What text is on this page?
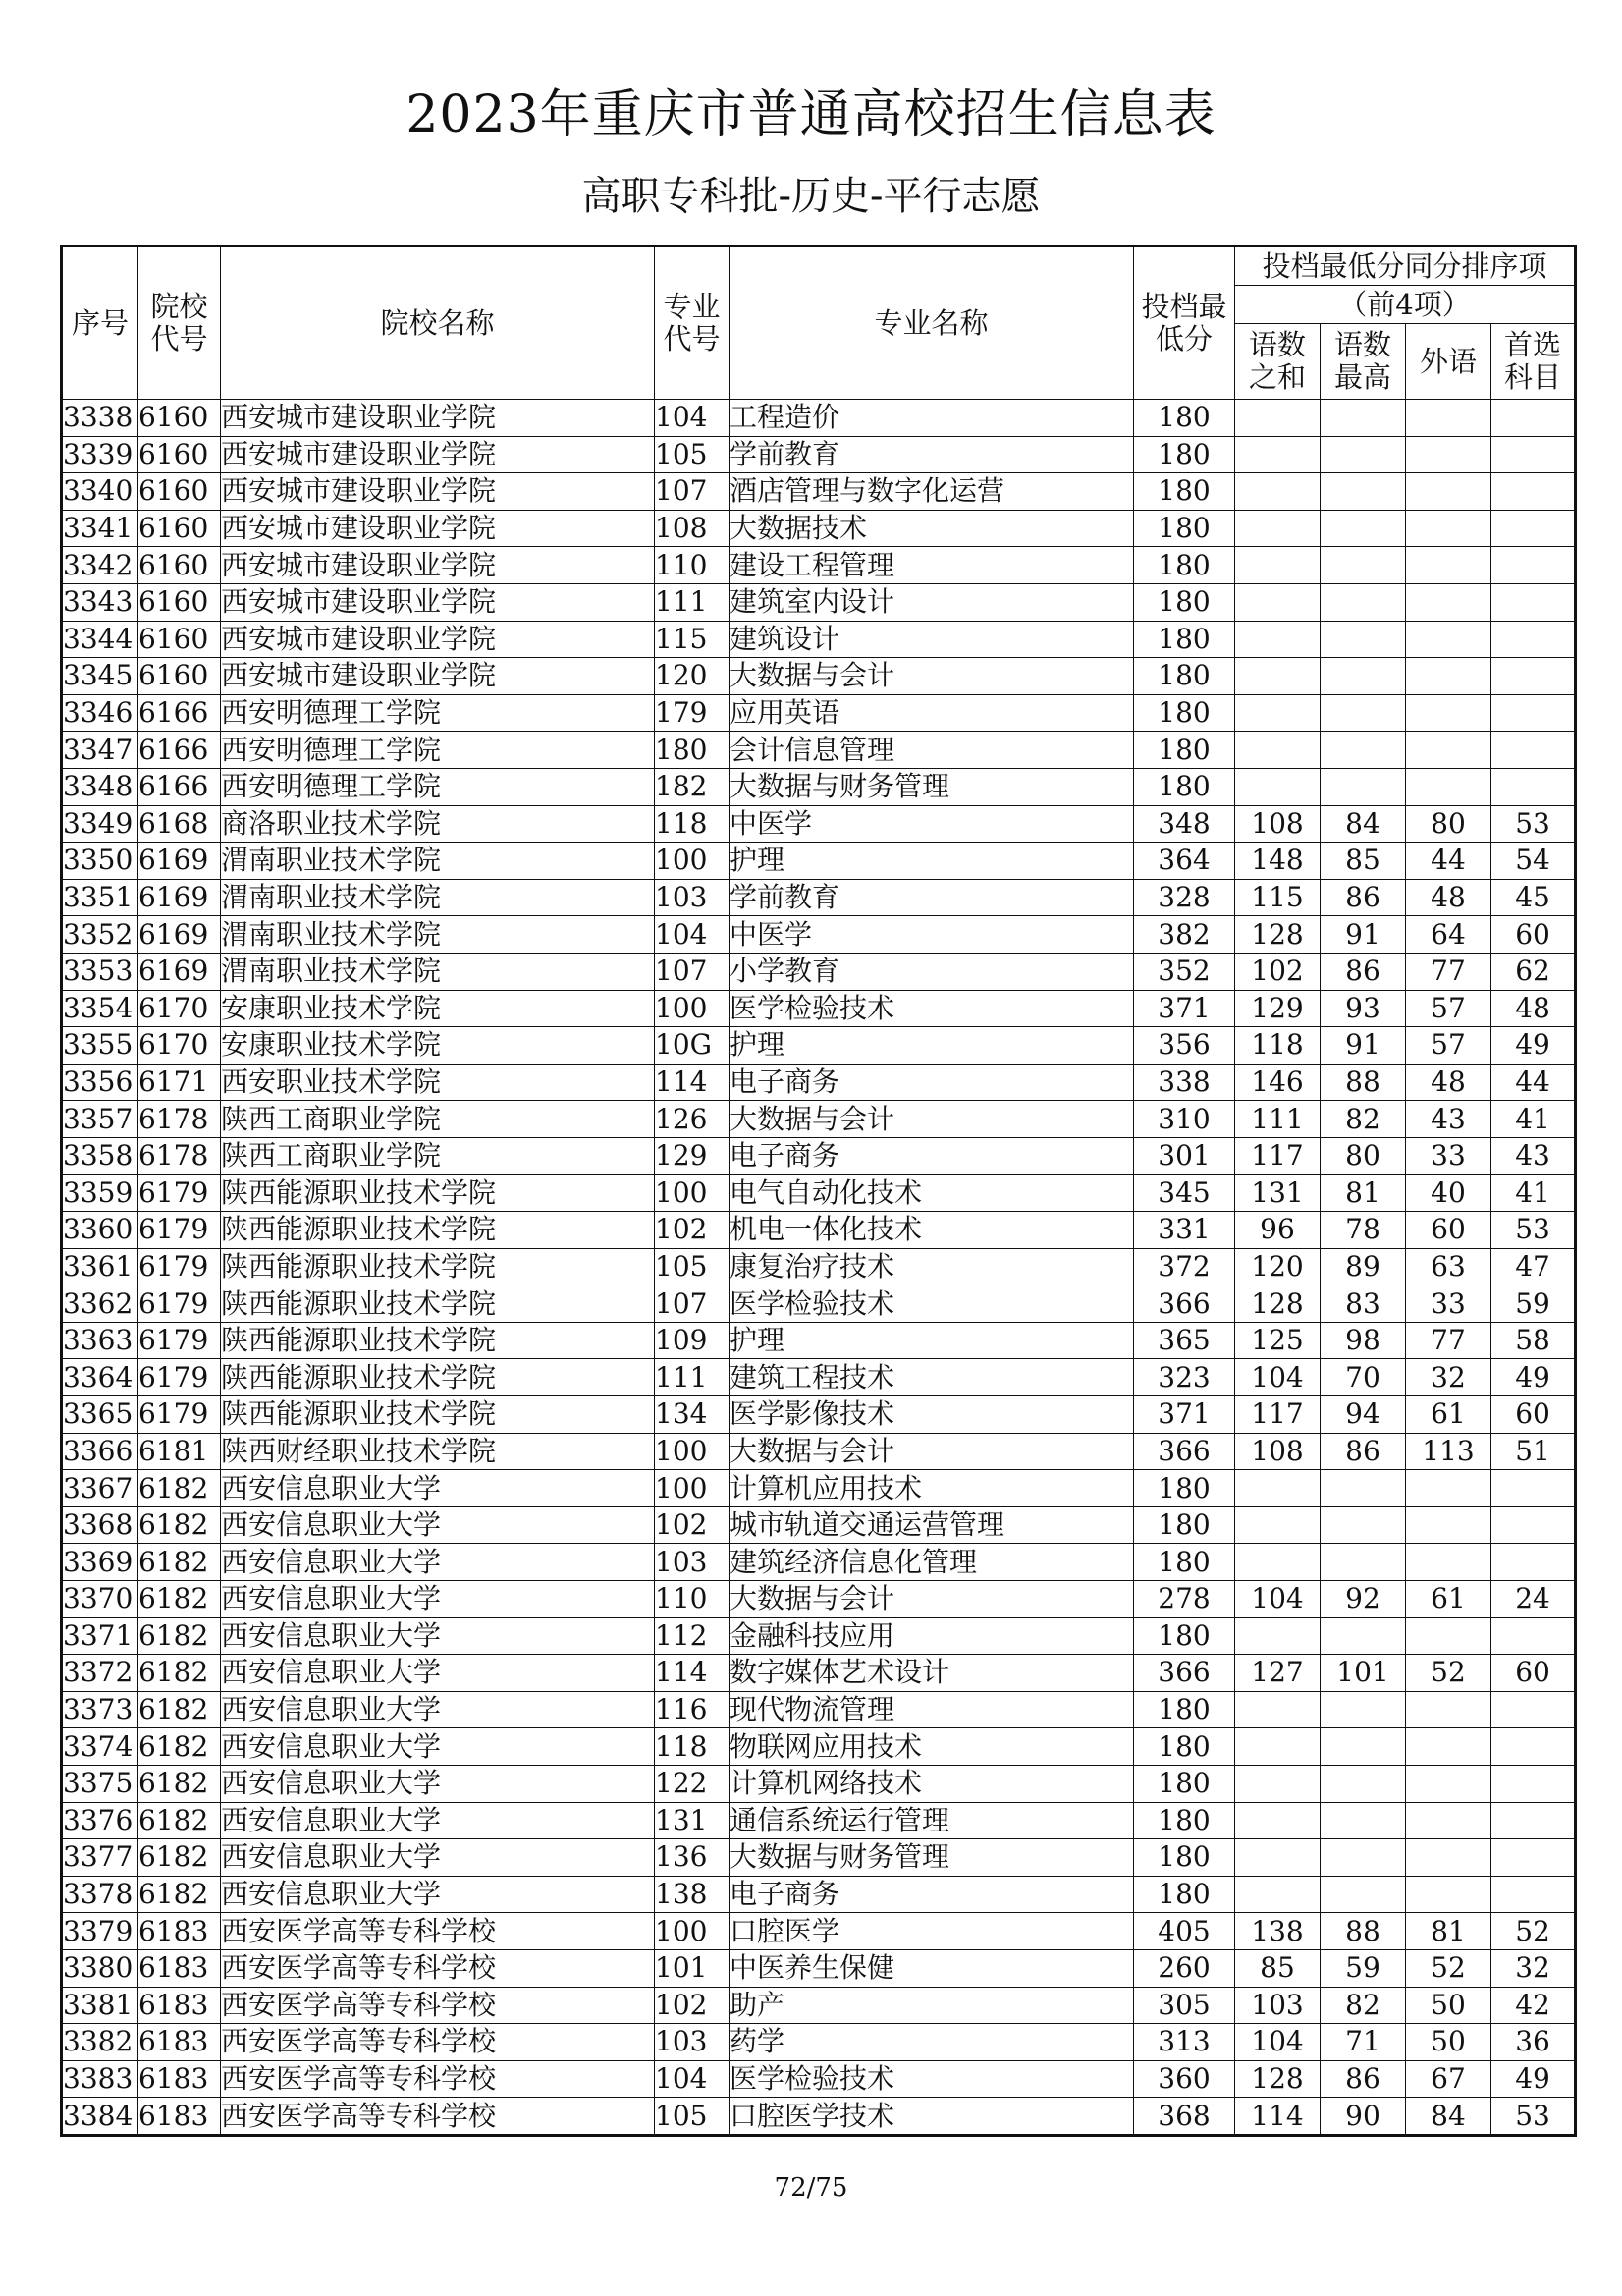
2023年重庆市普通高校招生信息表
高职专科批-历史-平行志愿
序号	院校代号	院校名称	专业代号	专业名称	投档最低分	投档最低分同分排序项			
						（前4项）			
						语数之和	语数最高	外语	首选科目
3338	6160	西安城市建设职业学院	104	工程造价	180				
3339	6160	西安城市建设职业学院	105	学前教育	180				
3340	6160	西安城市建设职业学院	107	酒店管理与数字化运营	180				
3341	6160	西安城市建设职业学院	108	大数据技术	180				
3342	6160	西安城市建设职业学院	110	建设工程管理	180				
3343	6160	西安城市建设职业学院	111	建筑室内设计	180				
3344	6160	西安城市建设职业学院	115	建筑设计	180				
3345	6160	西安城市建设职业学院	120	大数据与会计	180				
3346	6166	西安明德理工学院	179	应用英语	180				
3347	6166	西安明德理工学院	180	会计信息管理	180				
3348	6166	西安明德理工学院	182	大数据与财务管理	180				
3349	6168	商洛职业技术学院	118	中医学	348	108	84	80	53
3350	6169	渭南职业技术学院	100	护理	364	148	85	44	54
3351	6169	渭南职业技术学院	103	学前教育	328	115	86	48	45
3352	6169	渭南职业技术学院	104	中医学	382	128	91	64	60
3353	6169	渭南职业技术学院	107	小学教育	352	102	86	77	62
3354	6170	安康职业技术学院	100	医学检验技术	371	129	93	57	48
3355	6170	安康职业技术学院	10G	护理	356	118	91	57	49
3356	6171	西安职业技术学院	114	电子商务	338	146	88	48	44
3357	6178	陕西工商职业学院	126	大数据与会计	310	111	82	43	41
3358	6178	陕西工商职业学院	129	电子商务	301	117	80	33	43
3359	6179	陕西能源职业技术学院	100	电气自动化技术	345	131	81	40	41
3360	6179	陕西能源职业技术学院	102	机电一体化技术	331	96	78	60	53
3361	6179	陕西能源职业技术学院	105	康复治疗技术	372	120	89	63	47
3362	6179	陕西能源职业技术学院	107	医学检验技术	366	128	83	33	59
3363	6179	陕西能源职业技术学院	109	护理	365	125	98	77	58
3364	6179	陕西能源职业技术学院	111	建筑工程技术	323	104	70	32	49
3365	6179	陕西能源职业技术学院	134	医学影像技术	371	117	94	61	60
3366	6181	陕西财经职业技术学院	100	大数据与会计	366	108	86	113	51
3367	6182	西安信息职业大学	100	计算机应用技术	180				
3368	6182	西安信息职业大学	102	城市轨道交通运营管理	180				
3369	6182	西安信息职业大学	103	建筑经济信息化管理	180				
3370	6182	西安信息职业大学	110	大数据与会计	278	104	92	61	24
3371	6182	西安信息职业大学	112	金融科技应用	180				
3372	6182	西安信息职业大学	114	数字媒体艺术设计	366	127	101	52	60
3373	6182	西安信息职业大学	116	现代物流管理	180				
3374	6182	西安信息职业大学	118	物联网应用技术	180				
3375	6182	西安信息职业大学	122	计算机网络技术	180				
3376	6182	西安信息职业大学	131	通信系统运行管理	180				
3377	6182	西安信息职业大学	136	大数据与财务管理	180				
3378	6182	西安信息职业大学	138	电子商务	180				
3379	6183	西安医学高等专科学校	100	口腔医学	405	138	88	81	52
3380	6183	西安医学高等专科学校	101	中医养生保健	260	85	59	52	32
3381	6183	西安医学高等专科学校	102	助产	305	103	82	50	42
3382	6183	西安医学高等专科学校	103	药学	313	104	71	50	36
3383	6183	西安医学高等专科学校	104	医学检验技术	360	128	86	67	49
3384	6183	西安医学高等专科学校	105	口腔医学技术	368	114	90	84	53
72/75
